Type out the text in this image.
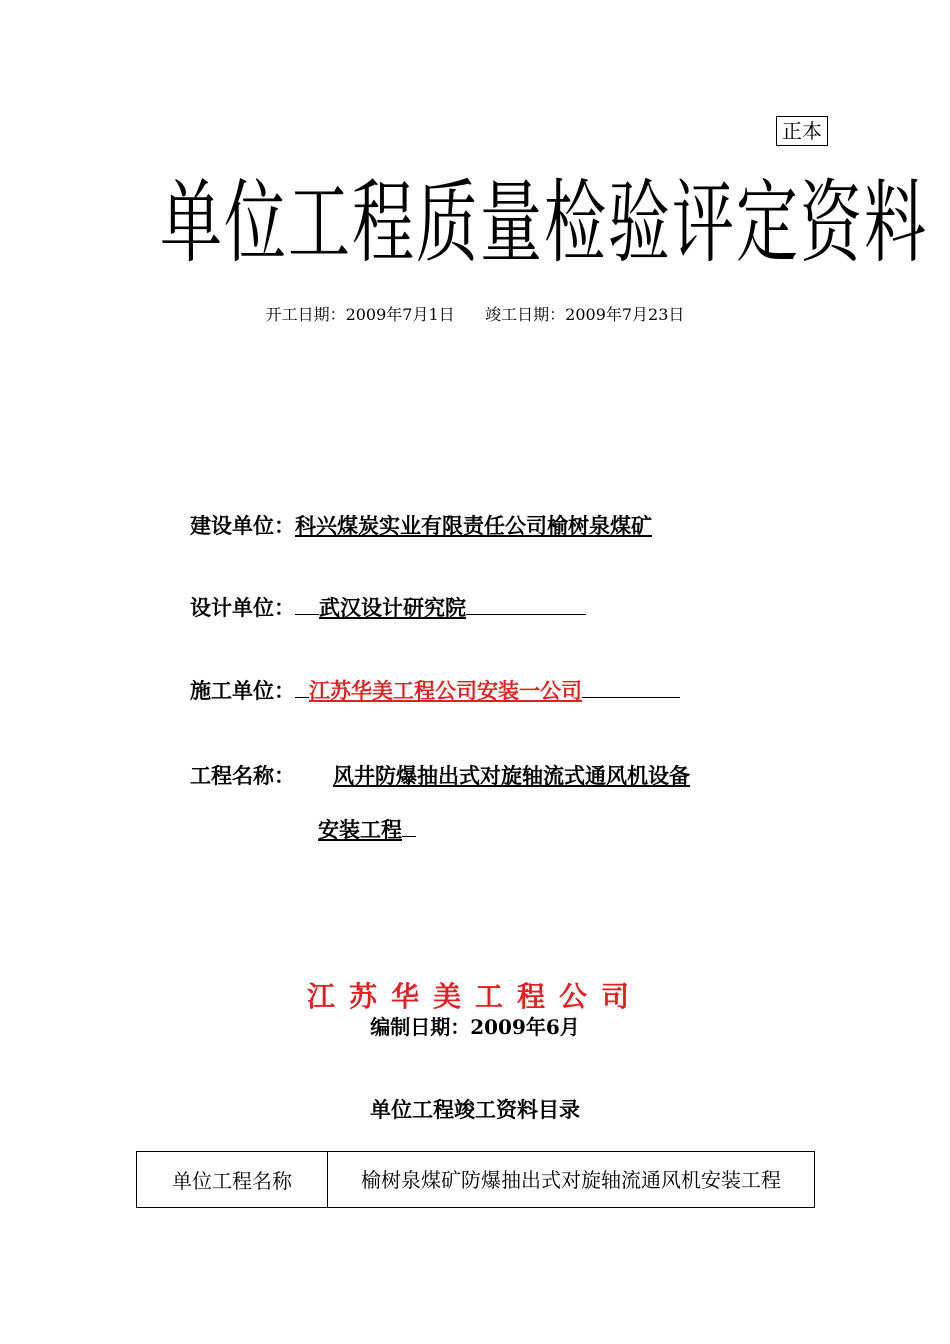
正本
单位工程质量检验评定资料
开工日期：2009年7月1日      竣工日期：2009年7月23日
建设单位：科兴煤炭实业有限责任公司榆树泉煤矿
设计单位： 武汉设计研究院
施工单位： 江苏华美工程公司安装一公司
工程名称： 风井防爆抽出式对旋轴流式通风机设备
安装工程
江苏华美工程公司
编制日期：2009年6月
单位工程竣工资料目录
单位工程名称	榆树泉煤矿防爆抽出式对旋轴流通风机安装工程
